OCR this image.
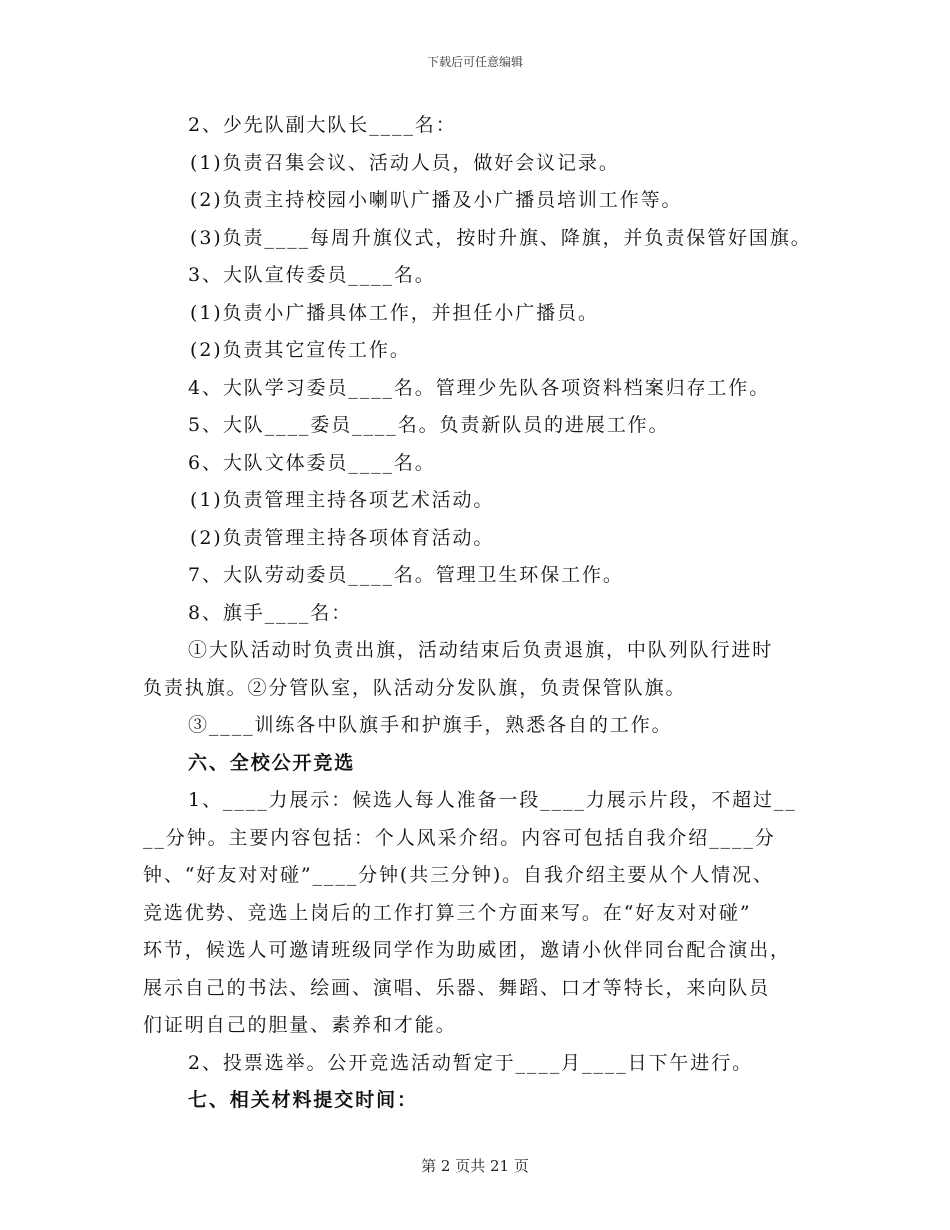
下载后可任意编辑
2、少先队副大队长____名：
(1)负责召集会议、活动人员，做好会议记录。
(2)负责主持校园小喇叭广播及小广播员培训工作等。
(3)负责____每周升旗仪式，按时升旗、降旗，并负责保管好国旗。
3、大队宣传委员____名。
(1)负责小广播具体工作，并担任小广播员。
(2)负责其它宣传工作。
4、大队学习委员____名。管理少先队各项资料档案归存工作。
5、大队____委员____名。负责新队员的进展工作。
6、大队文体委员____名。
(1)负责管理主持各项艺术活动。
(2)负责管理主持各项体育活动。
7、大队劳动委员____名。管理卫生环保工作。
8、旗手____名：
①大队活动时负责出旗，活动结束后负责退旗，中队列队行进时
负责执旗。②分管队室，队活动分发队旗，负责保管队旗。
③____训练各中队旗手和护旗手，熟悉各自的工作。
六、全校公开竞选
1、____力展示：候选人每人准备一段____力展示片段，不超过__
__分钟。主要内容包括：个人风采介绍。内容可包括自我介绍____分
钟、“好友对对碰”____分钟(共三分钟)。自我介绍主要从个人情况、
竞选优势、竞选上岗后的工作打算三个方面来写。在“好友对对碰”
环节，候选人可邀请班级同学作为助威团，邀请小伙伴同台配合演出，
展示自己的书法、绘画、演唱、乐器、舞蹈、口才等特长，来向队员
们证明自己的胆量、素养和才能。
2、投票选举。公开竞选活动暂定于____月____日下午进行。
七、相关材料提交时间：
第 2 页共 21 页
